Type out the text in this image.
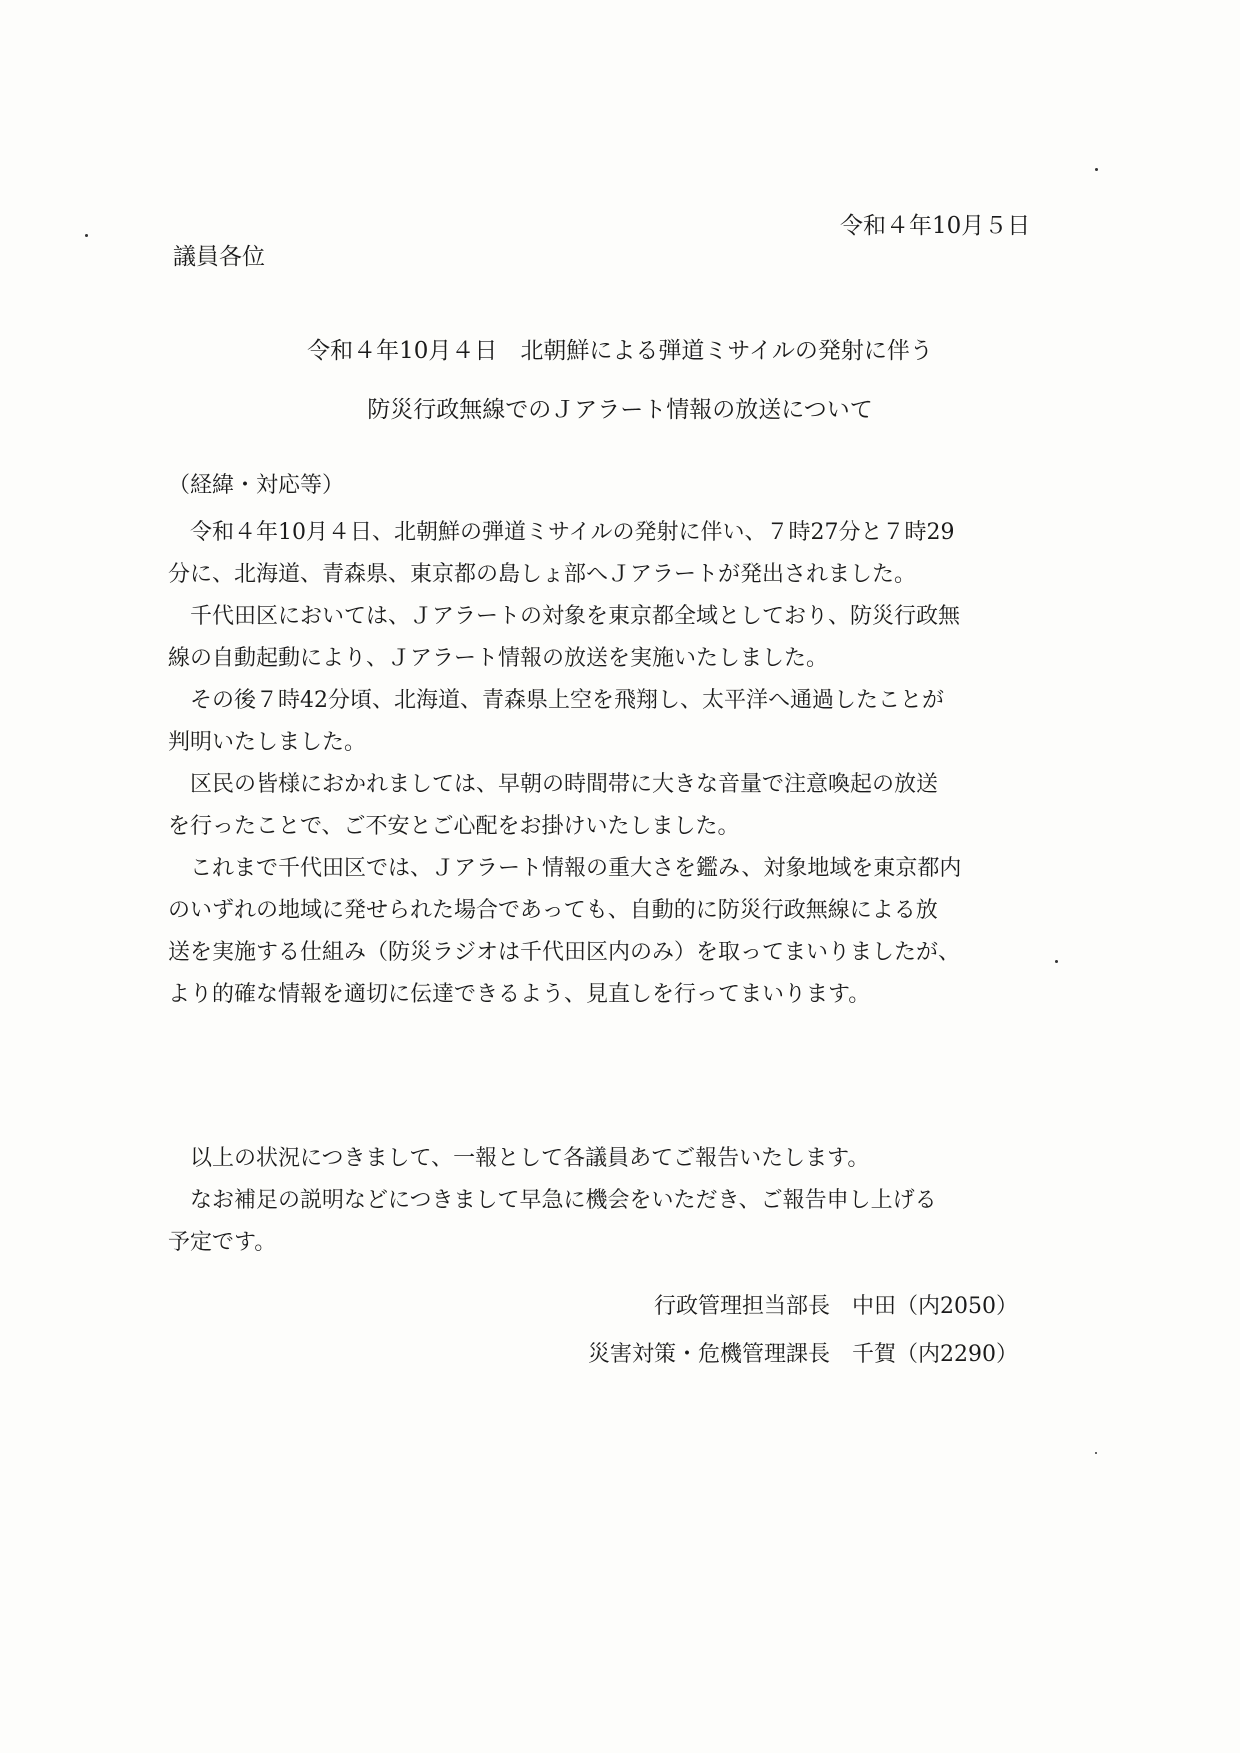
令和４年10月５日
議員各位
令和４年10月４日　北朝鮮による弾道ミサイルの発射に伴う
防災行政無線でのＪアラート情報の放送について
（経緯・対応等）
　令和４年10月４日、北朝鮮の弾道ミサイルの発射に伴い、７時27分と７時29
分に、北海道、青森県、東京都の島しょ部へＪアラートが発出されました。
　千代田区においては、Ｊアラートの対象を東京都全域としており、防災行政無
線の自動起動により、Ｊアラート情報の放送を実施いたしました。
　その後７時42分頃、北海道、青森県上空を飛翔し、太平洋へ通過したことが
判明いたしました。
　区民の皆様におかれましては、早朝の時間帯に大きな音量で注意喚起の放送
を行ったことで、ご不安とご心配をお掛けいたしました。
　これまで千代田区では、Ｊアラート情報の重大さを鑑み、対象地域を東京都内
のいずれの地域に発せられた場合であっても、自動的に防災行政無線による放
送を実施する仕組み（防災ラジオは千代田区内のみ）を取ってまいりましたが、
より的確な情報を適切に伝達できるよう、見直しを行ってまいります。
　以上の状況につきまして、一報として各議員あてご報告いたします。
　なお補足の説明などにつきまして早急に機会をいただき、ご報告申し上げる
予定です。
行政管理担当部長　中田（内2050）
災害対策・危機管理課長　千賀（内2290）
